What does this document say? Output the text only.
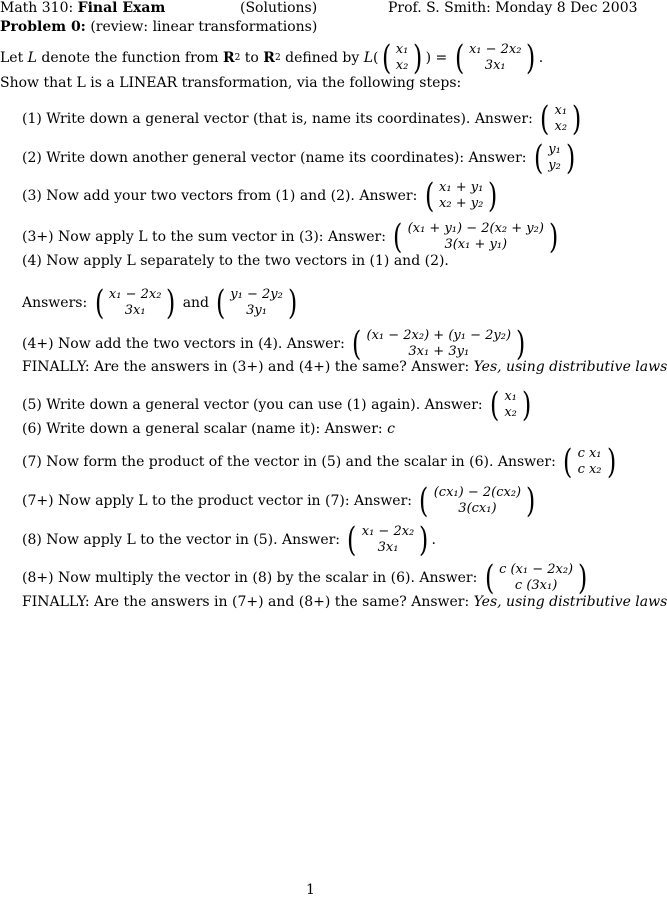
Math 310: Final Exam	(Solutions)	Prof. S. Smith: Monday 8 Dec 2003
Problem 0: (review: linear transformations)
Let
L
denote the function from
R 2
to
R 2
defined by
L ( ( x₁
x₂ ) ) = ( x₁ − 2x₂
3x₁ ) .
Show that L is a LINEAR transformation, via the following steps:
(1) Write down a general vector (that is, name its coordinates). Answer:
( x₁
x₂ )
(2) Write down another general vector (name its coordinates): Answer:
( y₁
y₂ )
(3) Now add your two vectors from (1) and (2). Answer:
( x₁ + y₁
x₂ + y₂ )
(3+) Now apply L to the sum vector in (3): Answer:
( (x₁ + y₁) − 2(x₂ + y₂)
3(x₁ + y₁) )
(4) Now apply L separately to the two vectors in (1) and (2).
Answers:
( x₁ − 2x₂
3x₁ ) and ( y₁ − 2y₂
3y₁ )
(4+) Now add the two vectors in (4). Answer:
( (x₁ − 2x₂) + (y₁ − 2y₂)
3x₁ + 3y₁ )
FINALLY: Are the answers in (3+) and (4+) the same? Answer:
Yes, using distributive laws
(5) Write down a general vector (you can use (1) again). Answer:
( x₁
x₂ )
(6) Write down a general scalar (name it): Answer:
c
(7) Now form the product of the vector in (5) and the scalar in (6). Answer:
( c x₁
c x₂ )
(7+) Now apply L to the product vector in (7): Answer:
( (cx₁) − 2(cx₂)
3(cx₁) )
(8) Now apply L to the vector in (5). Answer:
( x₁ − 2x₂
3x₁ ) .
(8+) Now multiply the vector in (8) by the scalar in (6). Answer:
( c (x₁ − 2x₂)
c (3x₁) )
FINALLY: Are the answers in (7+) and (8+) the same? Answer:
Yes, using distributive laws
1
